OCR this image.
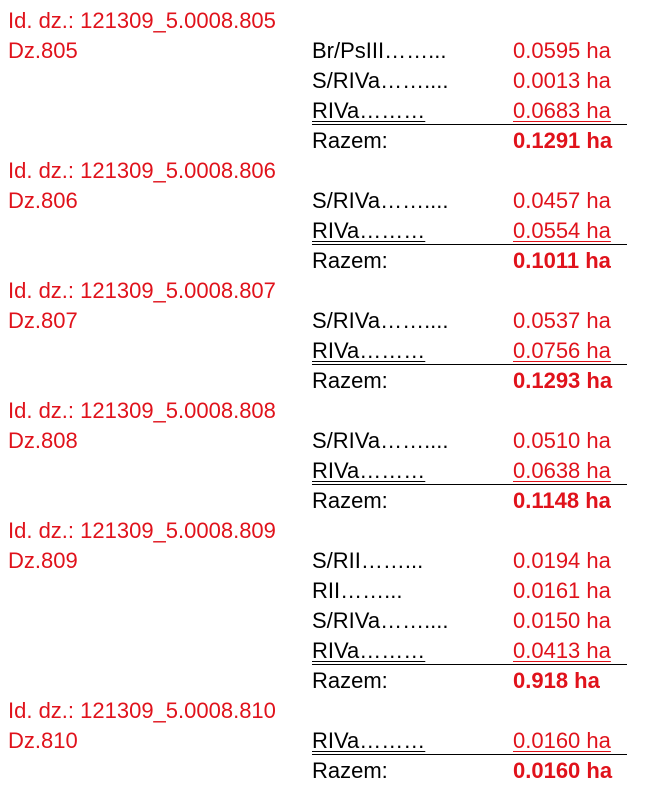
Id. dz.: 121309_5.0008.805
Dz.805	Br/PsIII……...	0.0595 ha
S/RIVa……....	0.0013 ha
RIVa………	0.0683 ha
Razem:	0.1291 ha
Id. dz.: 121309_5.0008.806
Dz.806	S/RIVa……....	0.0457 ha
RIVa………	0.0554 ha
Razem:	0.1011 ha
Id. dz.: 121309_5.0008.807
Dz.807	S/RIVa……....	0.0537 ha
RIVa………	0.0756 ha
Razem:	0.1293 ha
Id. dz.: 121309_5.0008.808
Dz.808	S/RIVa……....	0.0510 ha
RIVa………	0.0638 ha
Razem:	0.1148 ha
Id. dz.: 121309_5.0008.809
Dz.809	S/RII……...	0.0194 ha
RII……...	0.0161 ha
S/RIVa……....	0.0150 ha
RIVa………	0.0413 ha
Razem:	0.918 ha
Id. dz.: 121309_5.0008.810
Dz.810	RIVa………	0.0160 ha
Razem:	0.0160 ha
